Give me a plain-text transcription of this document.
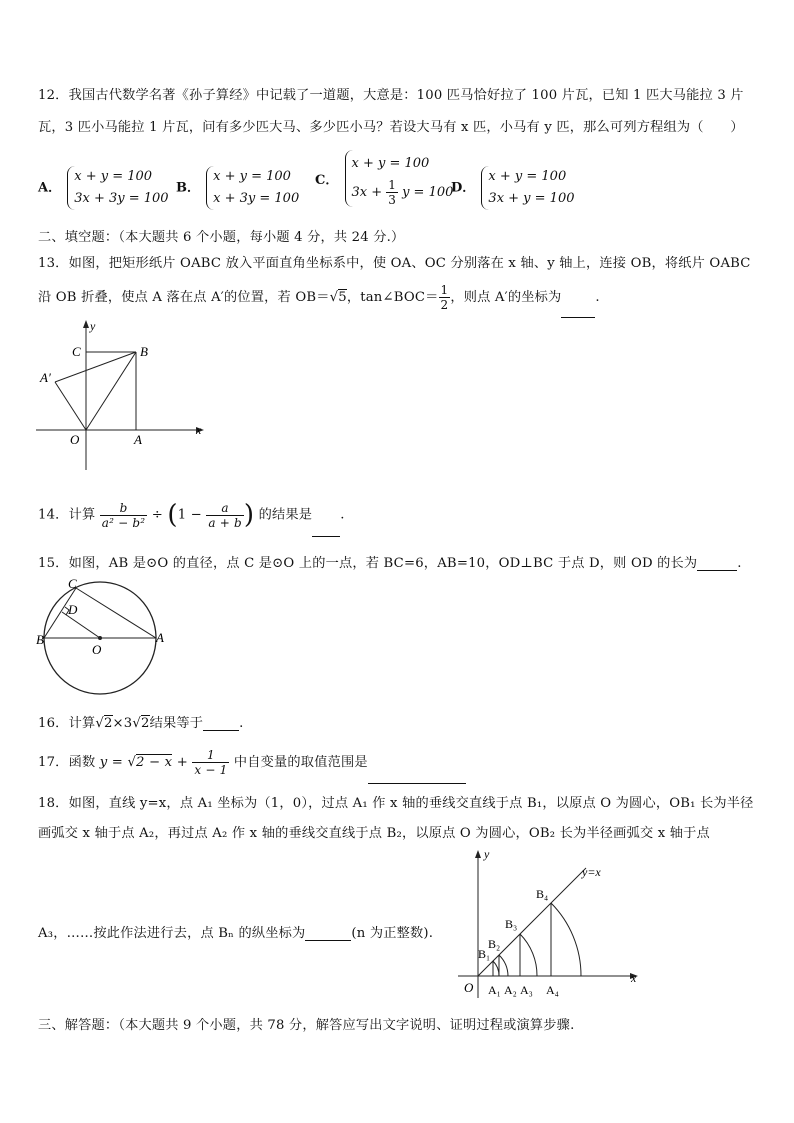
12．我国古代数学名著《孙子算经》中记载了一道题，大意是：100 匹马恰好拉了 100 片瓦，已知 1 匹大马能拉 3 片
瓦，3 匹小马能拉 1 片瓦，问有多少匹大马、多少匹小马？若设大马有 x 匹，小马有 y 匹，那么可列方程组为（　　）
A．
x + y = 100
3x + 3y = 100
B．
x + y = 100
x + 3y = 100
C．
x + y = 100
$3x + \frac{1}{3}$ y = 100
D．
x + y = 100
3x + y = 100
二、填空题：（本大题共 6 个小题，每小题 4 分，共 24 分.）
13．如图，把矩形纸片 OABC 放入平面直角坐标系中，使 OA、OC 分别落在 x 轴、y 轴上，连接 OB，将纸片 OABC
沿 OB 折叠，使点 A 落在点 A′的位置，若 OB＝√5，tan∠BOC＝ $\frac{1}{2}$ ，则点 A′的坐标为	.
y
x
C	B
A′
O	A
14．计算 $\frac{b}{\text{a² − b²}} \div (1 - \frac{a}{a + b}$ ) 的结果是 .
15．如图，AB 是⊙O 的直径，点 C 是⊙O 上的一点，若 BC=6，AB=10，OD⊥BC 于点 D，则 OD 的长为	.
C
D
B
O
A
16．计算√2×3√2结果等于	.
17．函数 $y = √2 - x + \frac{1}{x - 1}$ 中自变量的取值范围是
18．如图，直线 y=x，点 A₁ 坐标为（1，0），过点 A₁ 作 x 轴的垂线交直线于点 B₁，以原点 O 为圆心，OB₁ 长为半径
画弧交 x 轴于点 A₂，再过点 A₂ 作 x 轴的垂线交直线于点 B₂，以原点 O 为圆心，OB₂ 长为半径画弧交 x 轴于点
A₃，……按此作法进行去，点 Bₙ 的纵坐标为	(n 为正整数).
y
x
y=x
O
B₁
B₂
B₃
B₄
A₁ A₂ A₃ A₄
三、解答题：（本大题共 9 个小题，共 78 分，解答应写出文字说明、证明过程或演算步骤.
